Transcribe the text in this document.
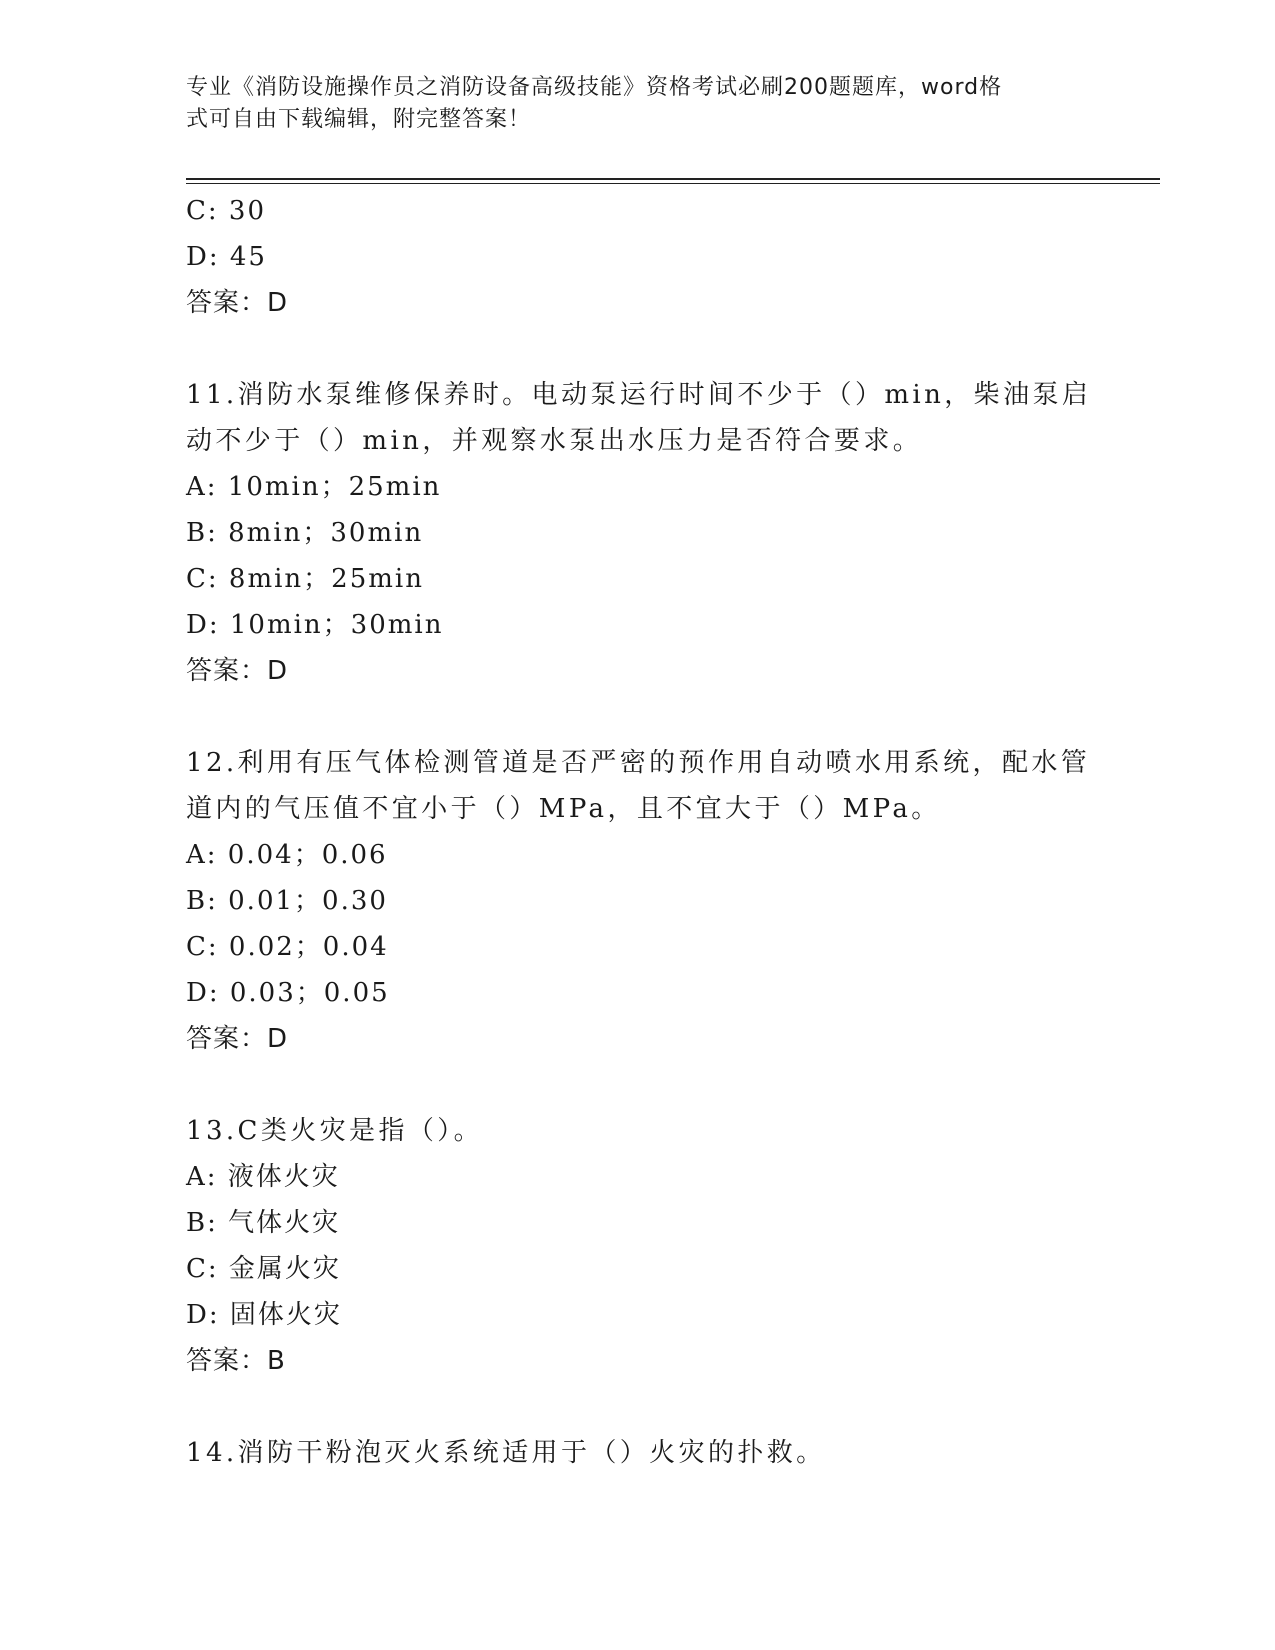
专业《消防设施操作员之消防设备高级技能》资格考试必刷200题题库，word格
式可自由下载编辑，附完整答案！
C: 30
D: 45
答案：D
11.消防水泵维修保养时。电动泵运行时间不少于（）min，柴油泵启
动不少于（）min，并观察水泵出水压力是否符合要求。
A: 10min；25min
B: 8min；30min
C: 8min；25min
D: 10min；30min
答案：D
12.利用有压气体检测管道是否严密的预作用自动喷水用系统，配水管
道内的气压值不宜小于（）MPa，且不宜大于（）MPa。
A: 0.04；0.06
B: 0.01；0.30
C: 0.02；0.04
D: 0.03；0.05
答案：D
13.C类火灾是指（）。
A: 液体火灾
B: 气体火灾
C: 金属火灾
D: 固体火灾
答案：B
14.消防干粉泡灭火系统适用于（）火灾的扑救。
